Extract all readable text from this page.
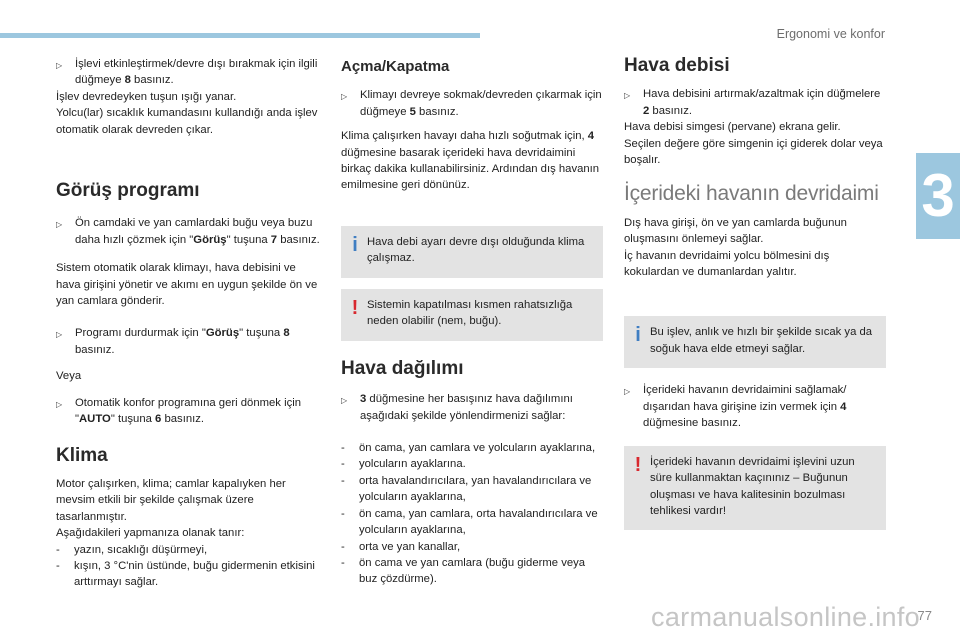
Ergonomi ve konfor
3
▷ İşlevi etkinleştirmek/devre dışı bırakmak için ilgili düğmeye 8 basınız.

İşlev devredeyken tuşun ışığı yanar.
Yolcu(lar) sıcaklık kumandasını kullandığı anda işlev otomatik olarak devreden çıkar.

Görüş programı
▷ Ön camdaki ve yan camlardaki buğu veya buzu daha hızlı çözmek için "Görüş" tuşuna 7 basınız.

Sistem otomatik olarak klimayı, hava debisini ve hava girişini yönetir ve akımı en uygun şekilde ön ve yan camlara gönderir.

▷ Programı durdurmak için "Görüş" tuşuna 8 basınız.

Veya

▷ Otomatik konfor programına geri dönmek için "AUTO" tuşuna 6 basınız.
Klima

Motor çalışırken, klima; camlar kapalıyken her mevsim etkili bir şekilde çalışmak üzere tasarlanmıştır.
Aşağıdakileri yapmanıza olanak tanır:

- yazın, sıcaklığı düşürmeyi,
- kışın, 3 °C'nin üstünde, buğu gidermenin etkisini arttırmayı sağlar.
Açma/Kapatma
▷ Klimayı devreye sokmak/devreden çıkarmak için düğmeye 5 basınız.

Klima çalışırken havayı daha hızlı soğutmak için, 4 düğmesine basarak içerideki hava devridaimini birkaç dakika kullanabilirsiniz. Ardından dış havanın emilmesine geri dönünüz.

i Hava debi ayarı devre dışı olduğunda klima çalışmaz.
! Sistemin kapatılması kısmen rahatsızlığa neden olabilir (nem, buğu).
Hava dağılımı
▷ 3 düğmesine her basışınız hava dağılımını aşağıdaki şekilde yönlendirmenizi sağlar:
- ön cama, yan camlara ve yolcuların ayaklarına,
- yolcuların ayaklarına.
- orta havalandırıcılara, yan havalandırıcılara ve yolcuların ayaklarına,
- ön cama, yan camlara, orta havalandırıcılara ve yolcuların ayaklarına,
- orta ve yan kanallar,
- ön cama ve yan camlara (buğu giderme veya buz çözdürme).
Hava debisi
▷ Hava debisini artırmak/azaltmak için düğmelere 2 basınız.

Hava debisi simgesi (pervane) ekrana gelir.
Seçilen değere göre simgenin içi giderek dolar veya boşalır.

İçerideki havanın devridaimi

Dış hava girişi, ön ve yan camlarda buğunun oluşmasını önlemeyi sağlar.
İç havanın devridaimi yolcu bölmesini dış kokulardan ve dumanlardan yalıtır.

i Bu işlev, anlık ve hızlı bir şekilde sıcak ya da soğuk hava elde etmeyi sağlar.
▷ İçerideki havanın devridaimini sağlamak/ dışarıdan hava girişine izin vermek için 4 düğmesine basınız.
! İçerideki havanın devridaimi işlevini uzun süre kullanmaktan kaçınınız – Buğunun oluşması ve hava kalitesinin bozulması tehlikesi vardır!
carmanualsonline.info
77
